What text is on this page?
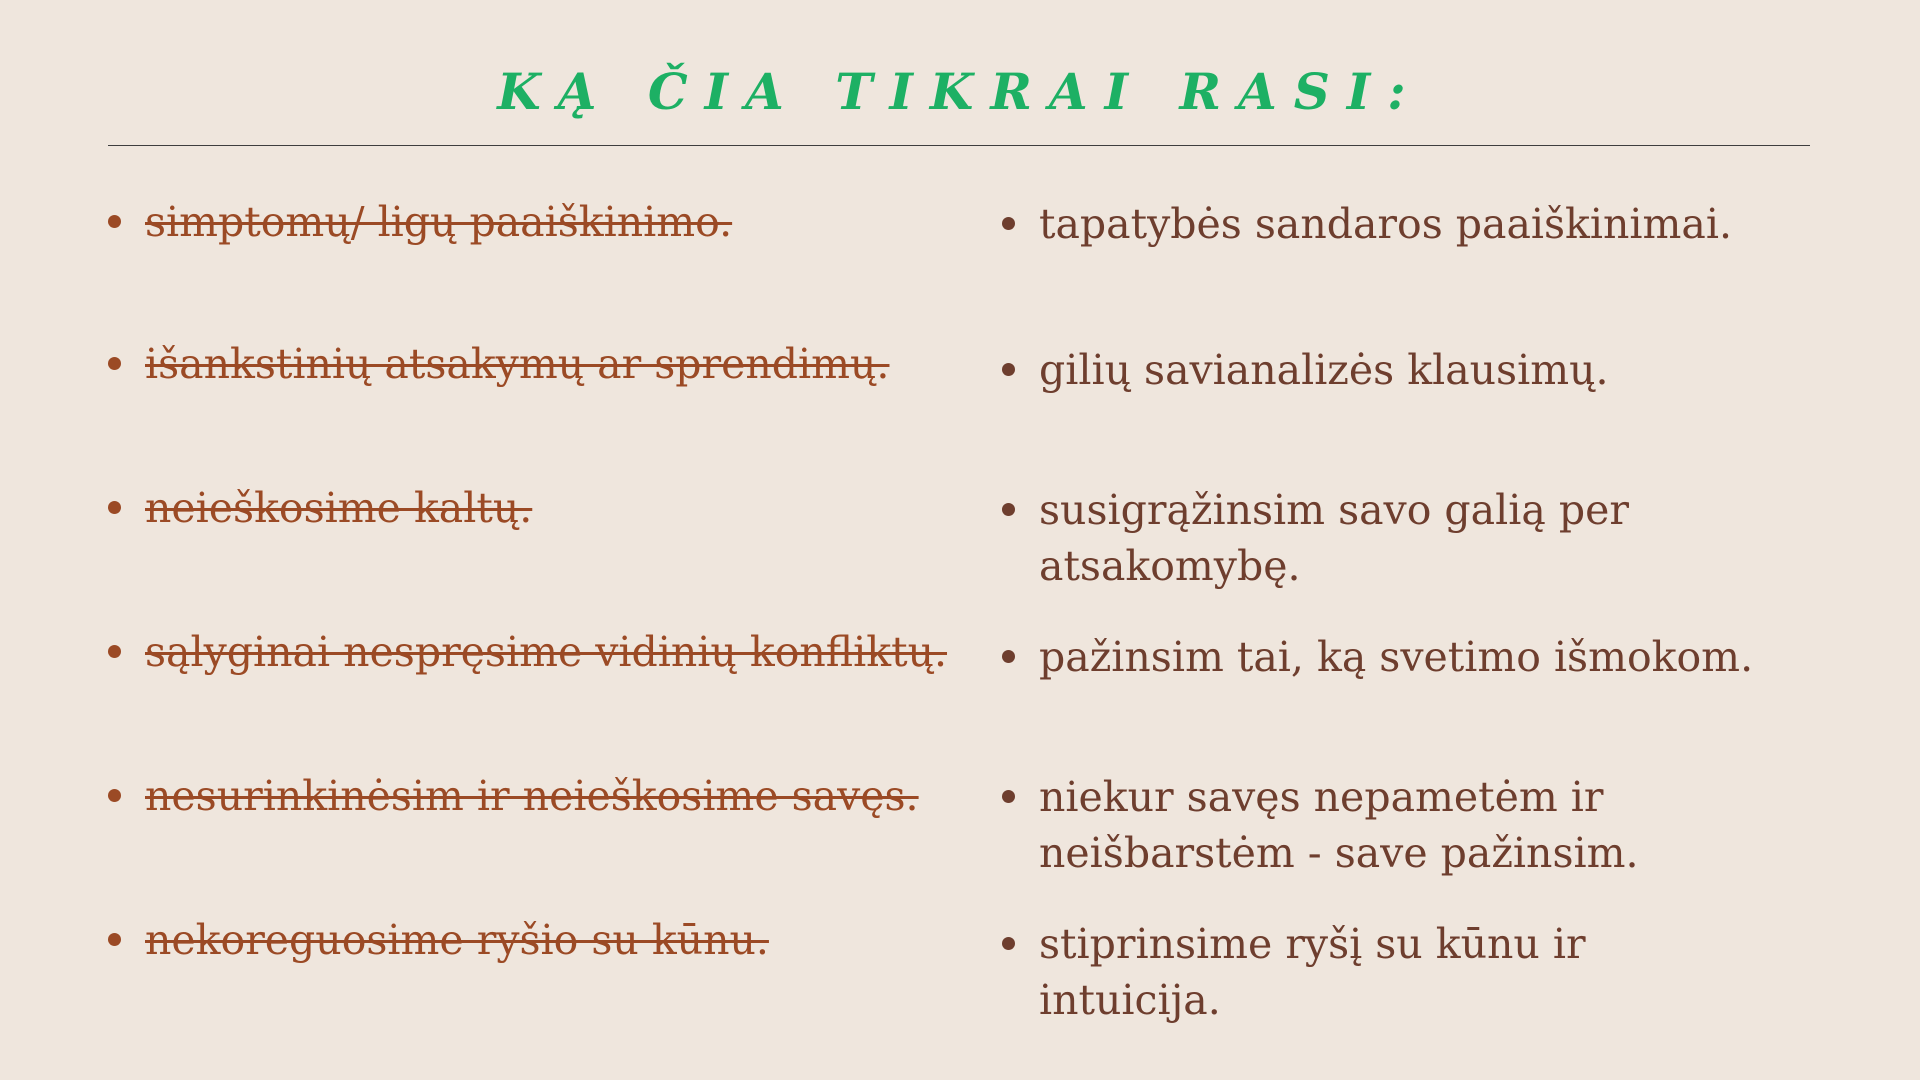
KĄ ČIA TIKRAI RASI:
simptomų/ ligų paaiškinimo.
išankstinių atsakymų ar sprendimų.
neieškosime kaltų.
sąlyginai nespręsime vidinių konfliktų.
nesurinkinėsim ir neieškosime savęs.
nekoreguosime ryšio su kūnu.
tapatybės sandaros paaiškinimai.
gilių savianalizės klausimų.
susigrąžinsim savo galią per atsakomybę.
pažinsim tai, ką svetimo išmokom.
niekur savęs nepametėm ir neišbarstėm - save pažinsim.
stiprinsime ryšį su kūnu ir intuicija.
